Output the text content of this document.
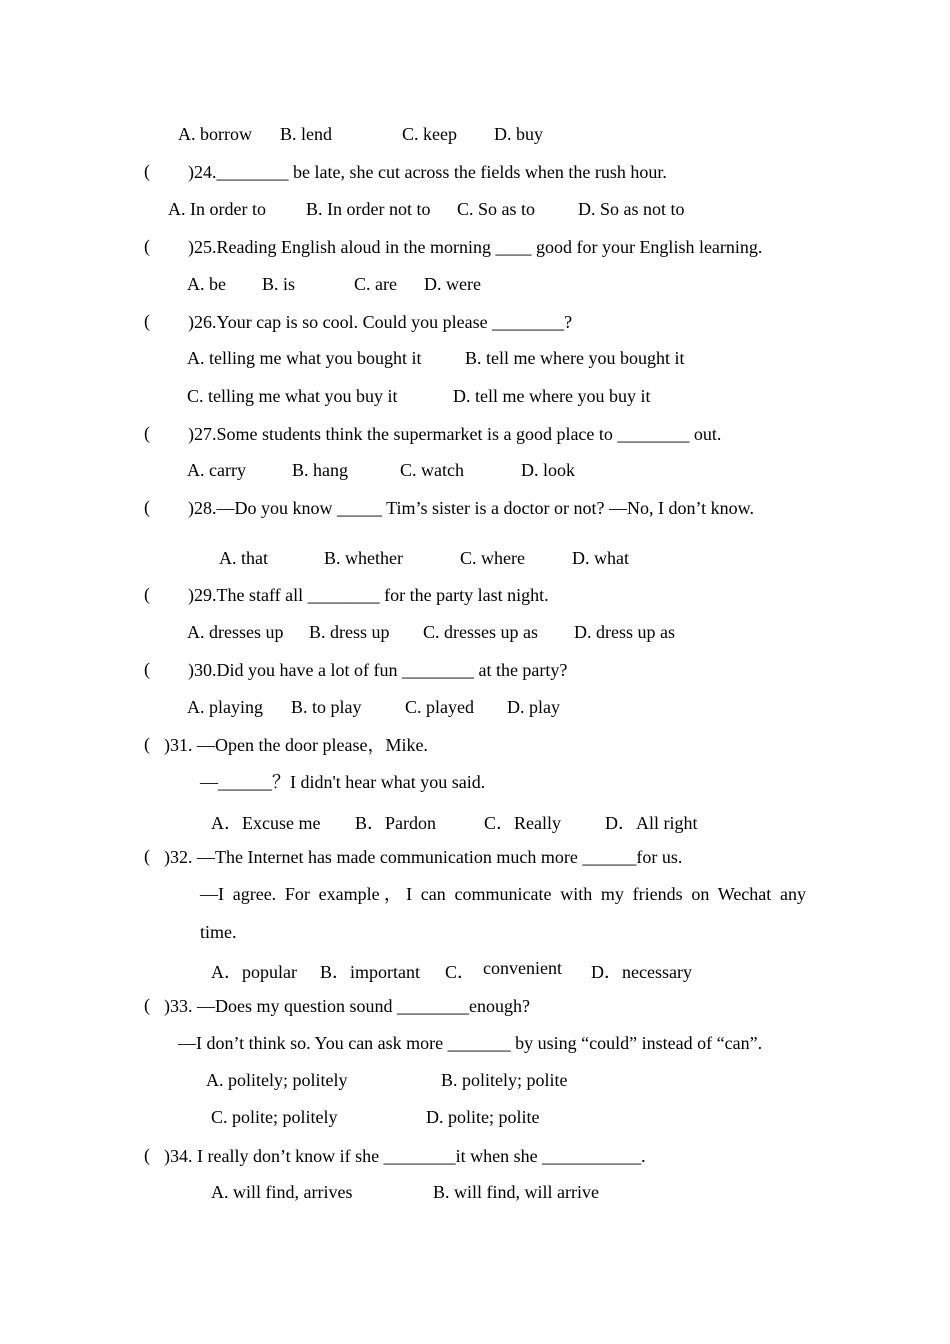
A. borrow B. lend	C. keep D. buy
( )24.________ be late, she cut across the fields when the rush hour.
A. In order to B. In order not to C. So as to D. So as not to
( )25.Reading English aloud in the morning ____ good for your English learning.
A. be B. is	C. are D. were
( )26.Your cap is so cool. Could you please ________?
A. telling me what you bought it B. tell me where you bought it
C. telling me what you buy it	D. tell me where you buy it
( )27.Some students think the supermarket is a good place to ________ out.
A. carry	B. hang	C. watch	D. look
( )28.—Do you know _____ Tim’s sister is a doctor or not? —No, I don’t know.
A. that	B. whether	C. where	D. what
( )29.The staff all ________ for the party last night.
A. dresses up B. dress up C. dresses up as D. dress up as
( )30.Did you have a lot of fun ________ at the party?
A. playing B. to play C. played D. play
( )31. —Open the door please，Mike.
—______？I didn't hear what you said.
A．Excuse me B．Pardon	C．Really D．All right
( )32. —The Internet has made communication much more ______for us.
—I agree. For example，I can communicate with my friends on Wechat any
time.
A．popular B．important C． convenient D．necessary
( )33. —Does my question sound ________enough?
—I don’t think so. You can ask more _______ by using “could” instead of “can”.
A. politely; politely	B. politely; polite
C. polite; politely	D. polite; polite
( )34. I really don’t know if she ________it when she ___________.
A. will find, arrives	B. will find, will arrive
